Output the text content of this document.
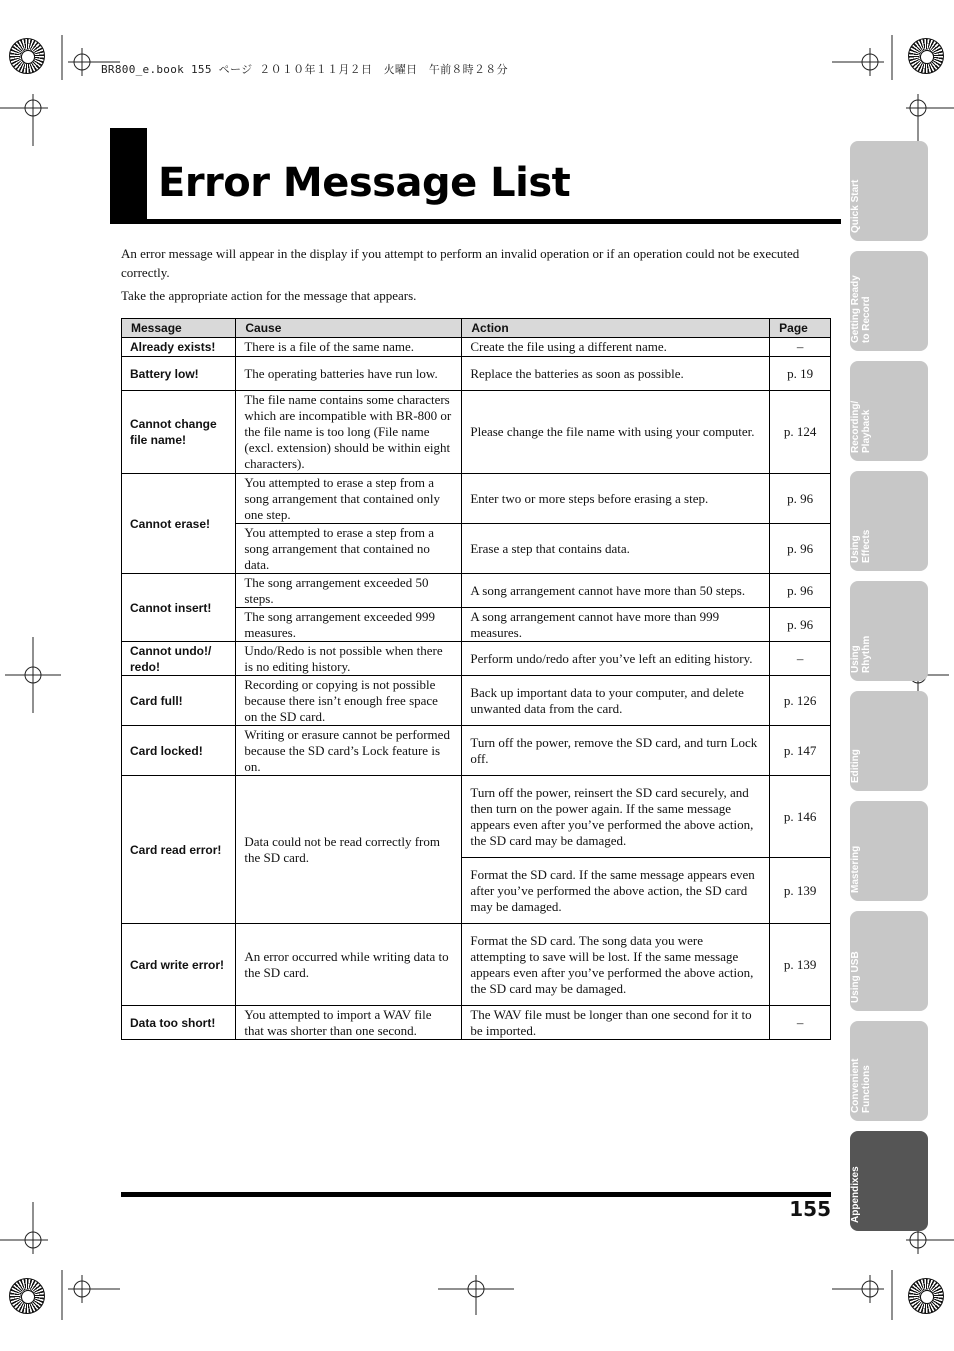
BR800_e.book 155 ページ ２０１０年１１月２日　火曜日　午前８時２８分
Error Message List

An error message will appear in the display if you attempt to perform an invalid operation or if an operation could not be executed correctly.

Take the appropriate action for the message that appears.

Message	Cause	Action	Page
Already exists!	There is a file of the same name.	Create the file using a different name.	–
Battery low!	The operating batteries have run low.	Replace the batteries as soon as possible.	p. 19
Cannot change file name!	The file name contains some characters which are incompatible with BR-800 or the file name is too long (File name (excl. extension) should be within eight characters).	Please change the file name with using your computer.	p. 124
Cannot erase!	You attempted to erase a step from a song arrangement that contained only one step.	Enter two or more steps before erasing a step.	p. 96
	You attempted to erase a step from a song arrangement that contained no data.	Erase a step that contains data.	p. 96
Cannot insert!	The song arrangement exceeded 50 steps.	A song arrangement cannot have more than 50 steps.	p. 96
	The song arrangement exceeded 999 measures.	A song arrangement cannot have more than 999 measures.	p. 96
Cannot undo!/ redo!	Undo/Redo is not possible when there is no editing history.	Perform undo/redo after you’ve left an editing history.	–
Card full!	Recording or copying is not possible because there isn’t enough free space on the SD card.	Back up important data to your computer, and delete unwanted data from the card.	p. 126
Card locked!	Writing or erasure cannot be performed because the SD card’s Lock feature is on.	Turn off the power, remove the SD card, and turn Lock off.	p. 147
Card read error!	Data could not be read correctly from the SD card.	Turn off the power, reinsert the SD card securely, and then turn on the power again. If the same message appears even after you’ve performed the above action, the SD card may be damaged.	p. 146
		Format the SD card. If the same message appears even after you’ve performed the above action, the SD card may be damaged.	p. 139
Card write error!	An error occurred while writing data to the SD card.	Format the SD card. The song data you were attempting to save will be lost. If the same message appears even after you’ve performed the above action, the SD card may be damaged.	p. 139
Data too short!	You attempted to import a WAV file that was shorter than one second.	The WAV file must be longer than one second for it to be imported.	–
Quick Start
Getting Ready
to Record
Recording/
Playback
Using
Effects
Using
Rhythm
Editing
Mastering
Using USB
Convenient
Functions
Appendixes
155
